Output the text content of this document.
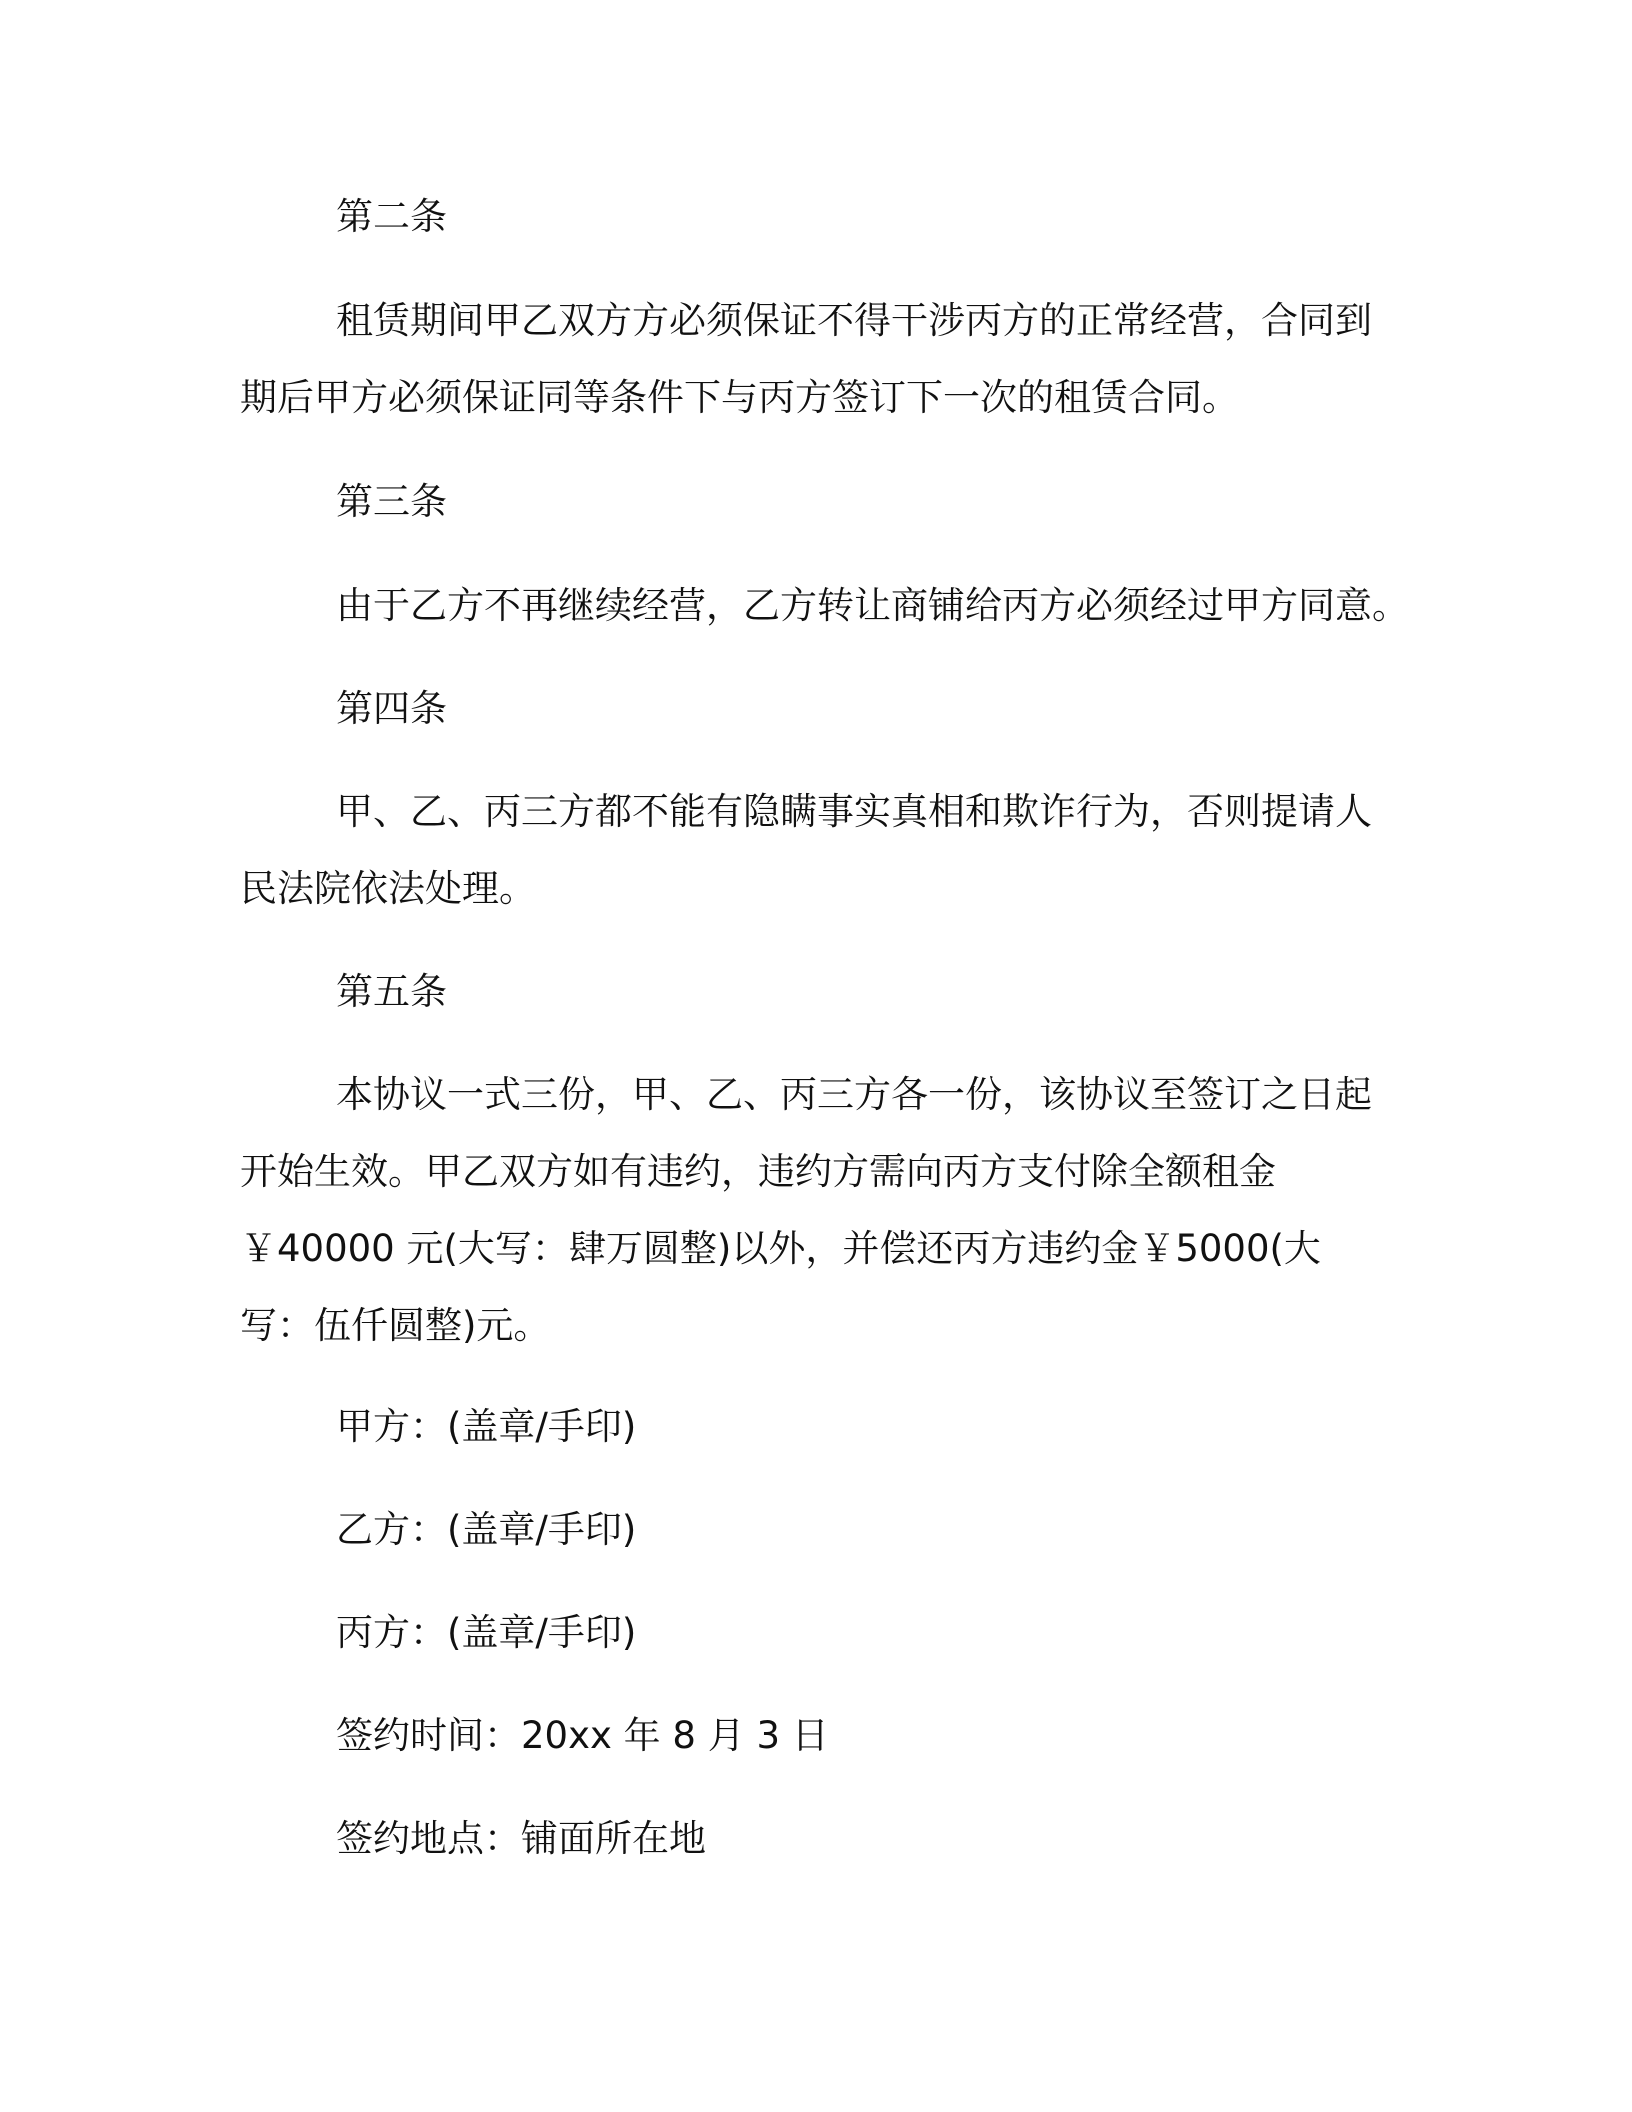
第二条

租赁期间甲乙双方方必须保证不得干涉丙方的正常经营，合同到期后甲方必须保证同等条件下与丙方签订下一次的租赁合同。

第三条

由于乙方不再继续经营，乙方转让商铺给丙方必须经过甲方同意。

第四条

甲、乙、丙三方都不能有隐瞒事实真相和欺诈行为，否则提请人民法院依法处理。

第五条

本协议一式三份，甲、乙、丙三方各一份，该协议至签订之日起开始生效。甲乙双方如有违约，违约方需向丙方支付除全额租金￥40000 元(大写：肆万圆整)以外，并偿还丙方违约金￥5000(大写：伍仟圆整)元。

甲方：(盖章/手印)

乙方：(盖章/手印)

丙方：(盖章/手印)

签约时间：20xx 年 8 月 3 日

签约地点：铺面所在地
